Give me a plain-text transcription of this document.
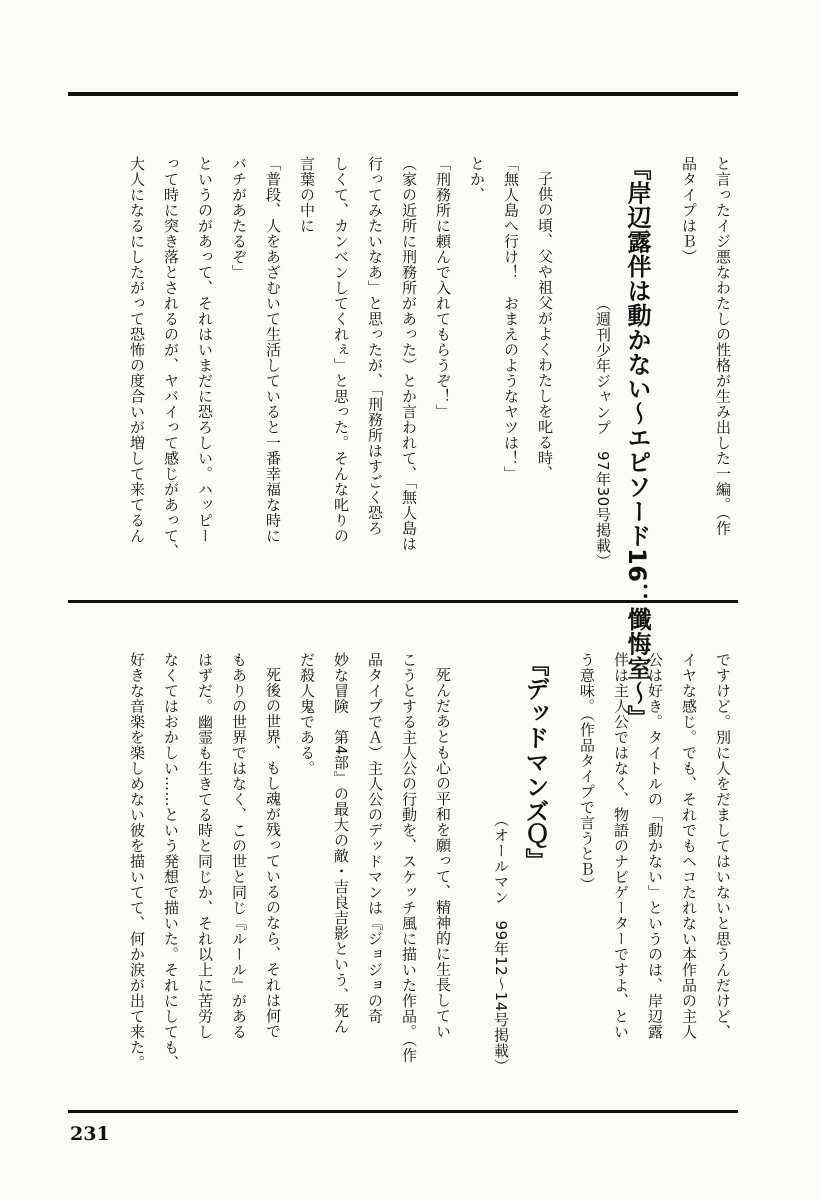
と言ったイジ悪なわたしの性格が生み出した一編。（作

品タイプはＢ）

『岸辺露伴は動かない～エピソード16：懺悔室～』

（週刊少年ジャンプ　97年30号掲載）

子供の頃、父や祖父がよくわたしを叱る時、

「無人島へ行け！　おまえのようなヤツは！」

とか、

「刑務所に頼んで入れてもらうぞ！」

（家の近所に刑務所があった）とか言われて、「無人島は

行ってみたいなあ」と思ったが、「刑務所はすごく恐ろ

しくて、カンベンしてくれぇ」と思った。そんな叱りの

言葉の中に

「普段、人をあざむいて生活していると一番幸福な時に

バチがあたるぞ」

というのがあって、それはいまだに恐ろしい。ハッピー

って時に突き落とされるのが、ヤバイって感じがあって、

大人になるにしたがって恐怖の度合いが増して来てるん

ですけど。別に人をだましてはいないと思うんだけど、

イヤな感じ。でも、それでもヘコたれない本作品の主人

公は好き。タイトルの「動かない」というのは、岸辺露

伴は主人公ではなく、物語のナビゲーターですよ、とい

う意味。（作品タイプで言うとＢ）

『デッドマンズＱ』

（オールマン　99年12～14号掲載）

死んだあとも心の平和を願って、精神的に生長してい

こうとする主人公の行動を、スケッチ風に描いた作品。（作

品タイプでＡ）主人公のデッドマンは『ジョジョの奇

妙な冒険　第4部』の最大の敵・吉良吉影という、死ん

だ殺人鬼である。

死後の世界、もし魂が残っているのなら、それは何で

もありの世界ではなく、この世と同じ『ルール』がある

はずだ。幽霊も生きてる時と同じか、それ以上に苦労し

なくてはおかしい……という発想で描いた。それにしても、

好きな音楽を楽しめない彼を描いてて、何か涙が出て来た。

231
